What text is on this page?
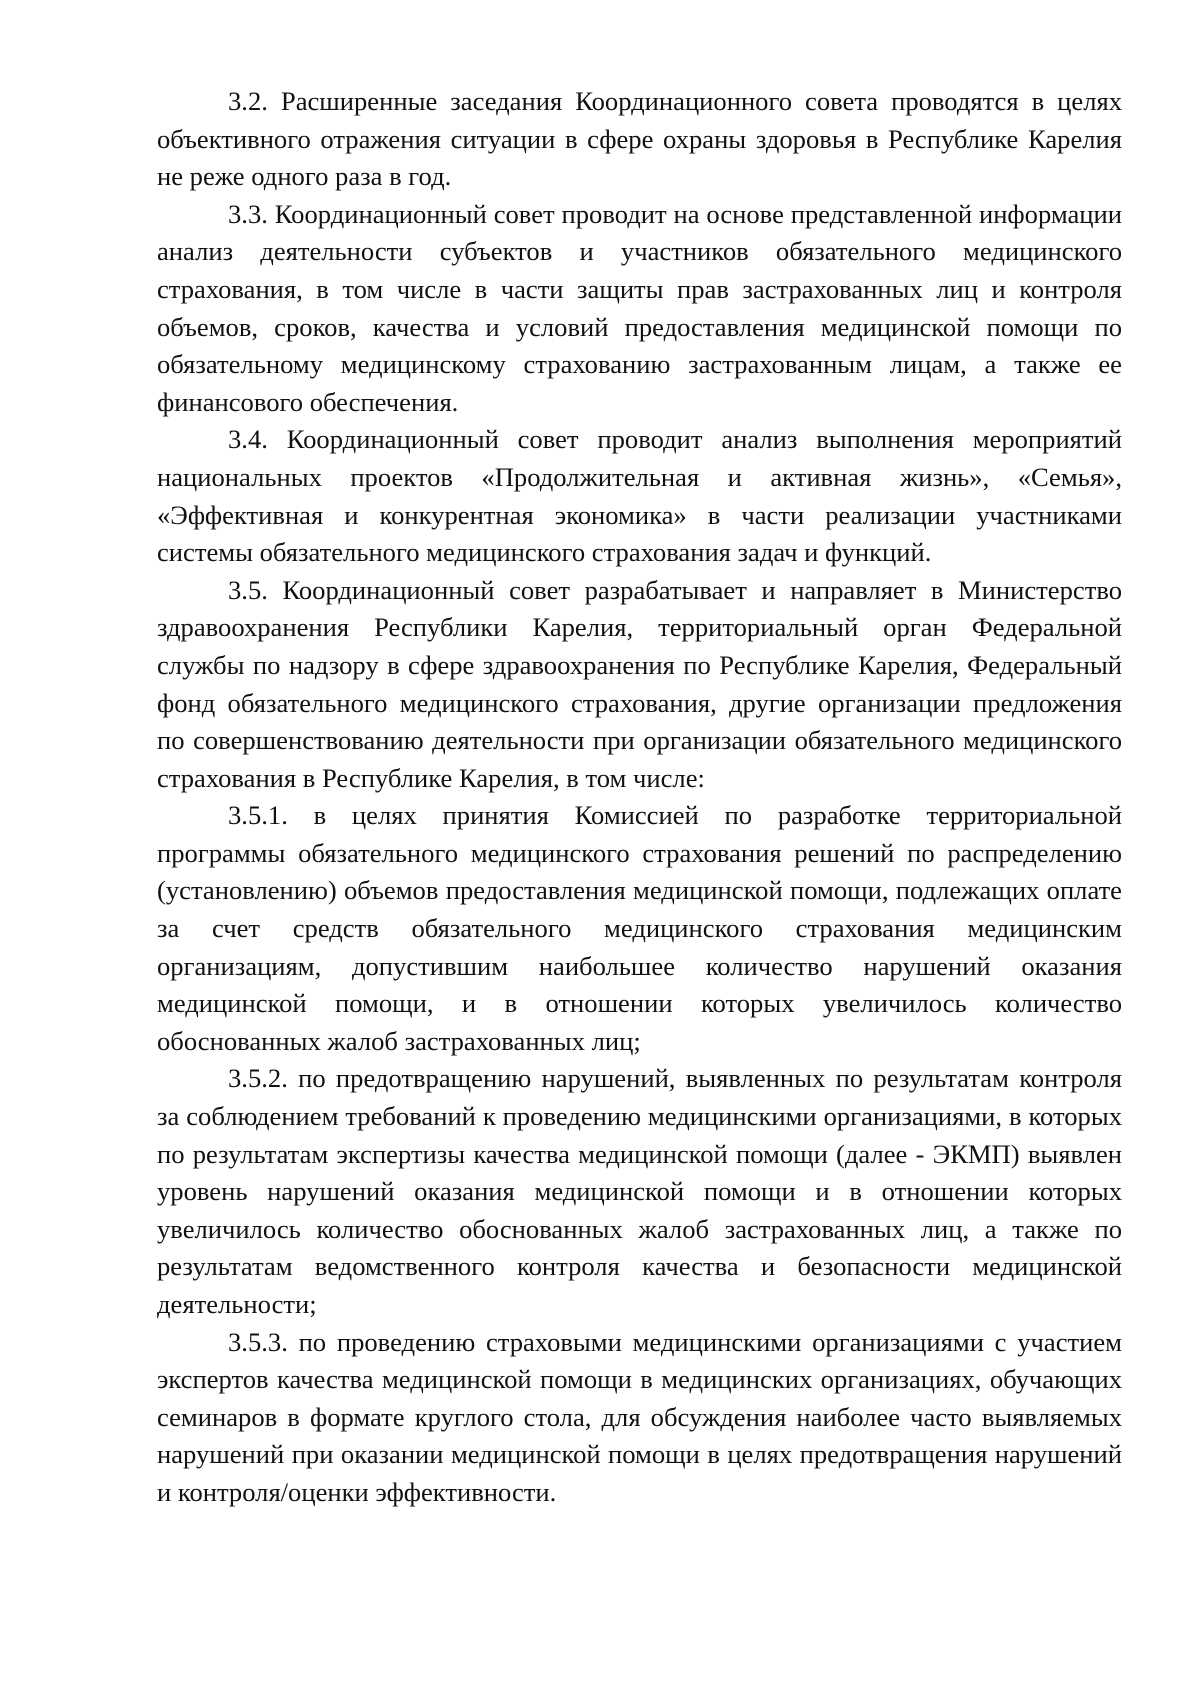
3.2. Расширенные заседания Координационного совета проводятся в целях объективного отражения ситуации в сфере охраны здоровья в Республике Карелия не реже одного раза в год.

3.3. Координационный совет проводит на основе представленной информации анализ деятельности субъектов и участников обязательного медицинского страхования, в том числе в части защиты прав застрахованных лиц и контроля объемов, сроков, качества и условий предоставления медицинской помощи по обязательному медицинскому страхованию застрахованным лицам, а также ее финансового обеспечения.

3.4. Координационный совет проводит анализ выполнения мероприятий национальных проектов «Продолжительная и активная жизнь», «Семья», «Эффективная и конкурентная экономика» в части реализации участниками системы обязательного медицинского страхования задач и функций.

3.5. Координационный совет разрабатывает и направляет в Министерство здравоохранения Республики Карелия, территориальный орган Федеральной службы по надзору в сфере здравоохранения по Республике Карелия, Федеральный фонд обязательного медицинского страхования, другие организации предложения по совершенствованию деятельности при организации обязательного медицинского страхования в Республике Карелия, в том числе:

3.5.1. в целях принятия Комиссией по разработке территориальной программы обязательного медицинского страхования решений по распределению (установлению) объемов предоставления медицинской помощи, подлежащих оплате за счет средств обязательного медицинского страхования медицинским организациям, допустившим наибольшее количество нарушений оказания медицинской помощи, и в отношении которых увеличилось количество обоснованных жалоб застрахованных лиц;

3.5.2. по предотвращению нарушений, выявленных по результатам контроля за соблюдением требований к проведению медицинскими организациями, в которых по результатам экспертизы качества медицинской помощи (далее - ЭКМП) выявлен уровень нарушений оказания медицинской помощи и в отношении которых увеличилось количество обоснованных жалоб застрахованных лиц, а также по результатам ведомственного контроля качества и безопасности медицинской деятельности;

3.5.3. по проведению страховыми медицинскими организациями с участием экспертов качества медицинской помощи в медицинских организациях, обучающих семинаров в формате круглого стола, для обсуждения наиболее часто выявляемых нарушений при оказании медицинской помощи в целях предотвращения нарушений и контроля/оценки эффективности.
